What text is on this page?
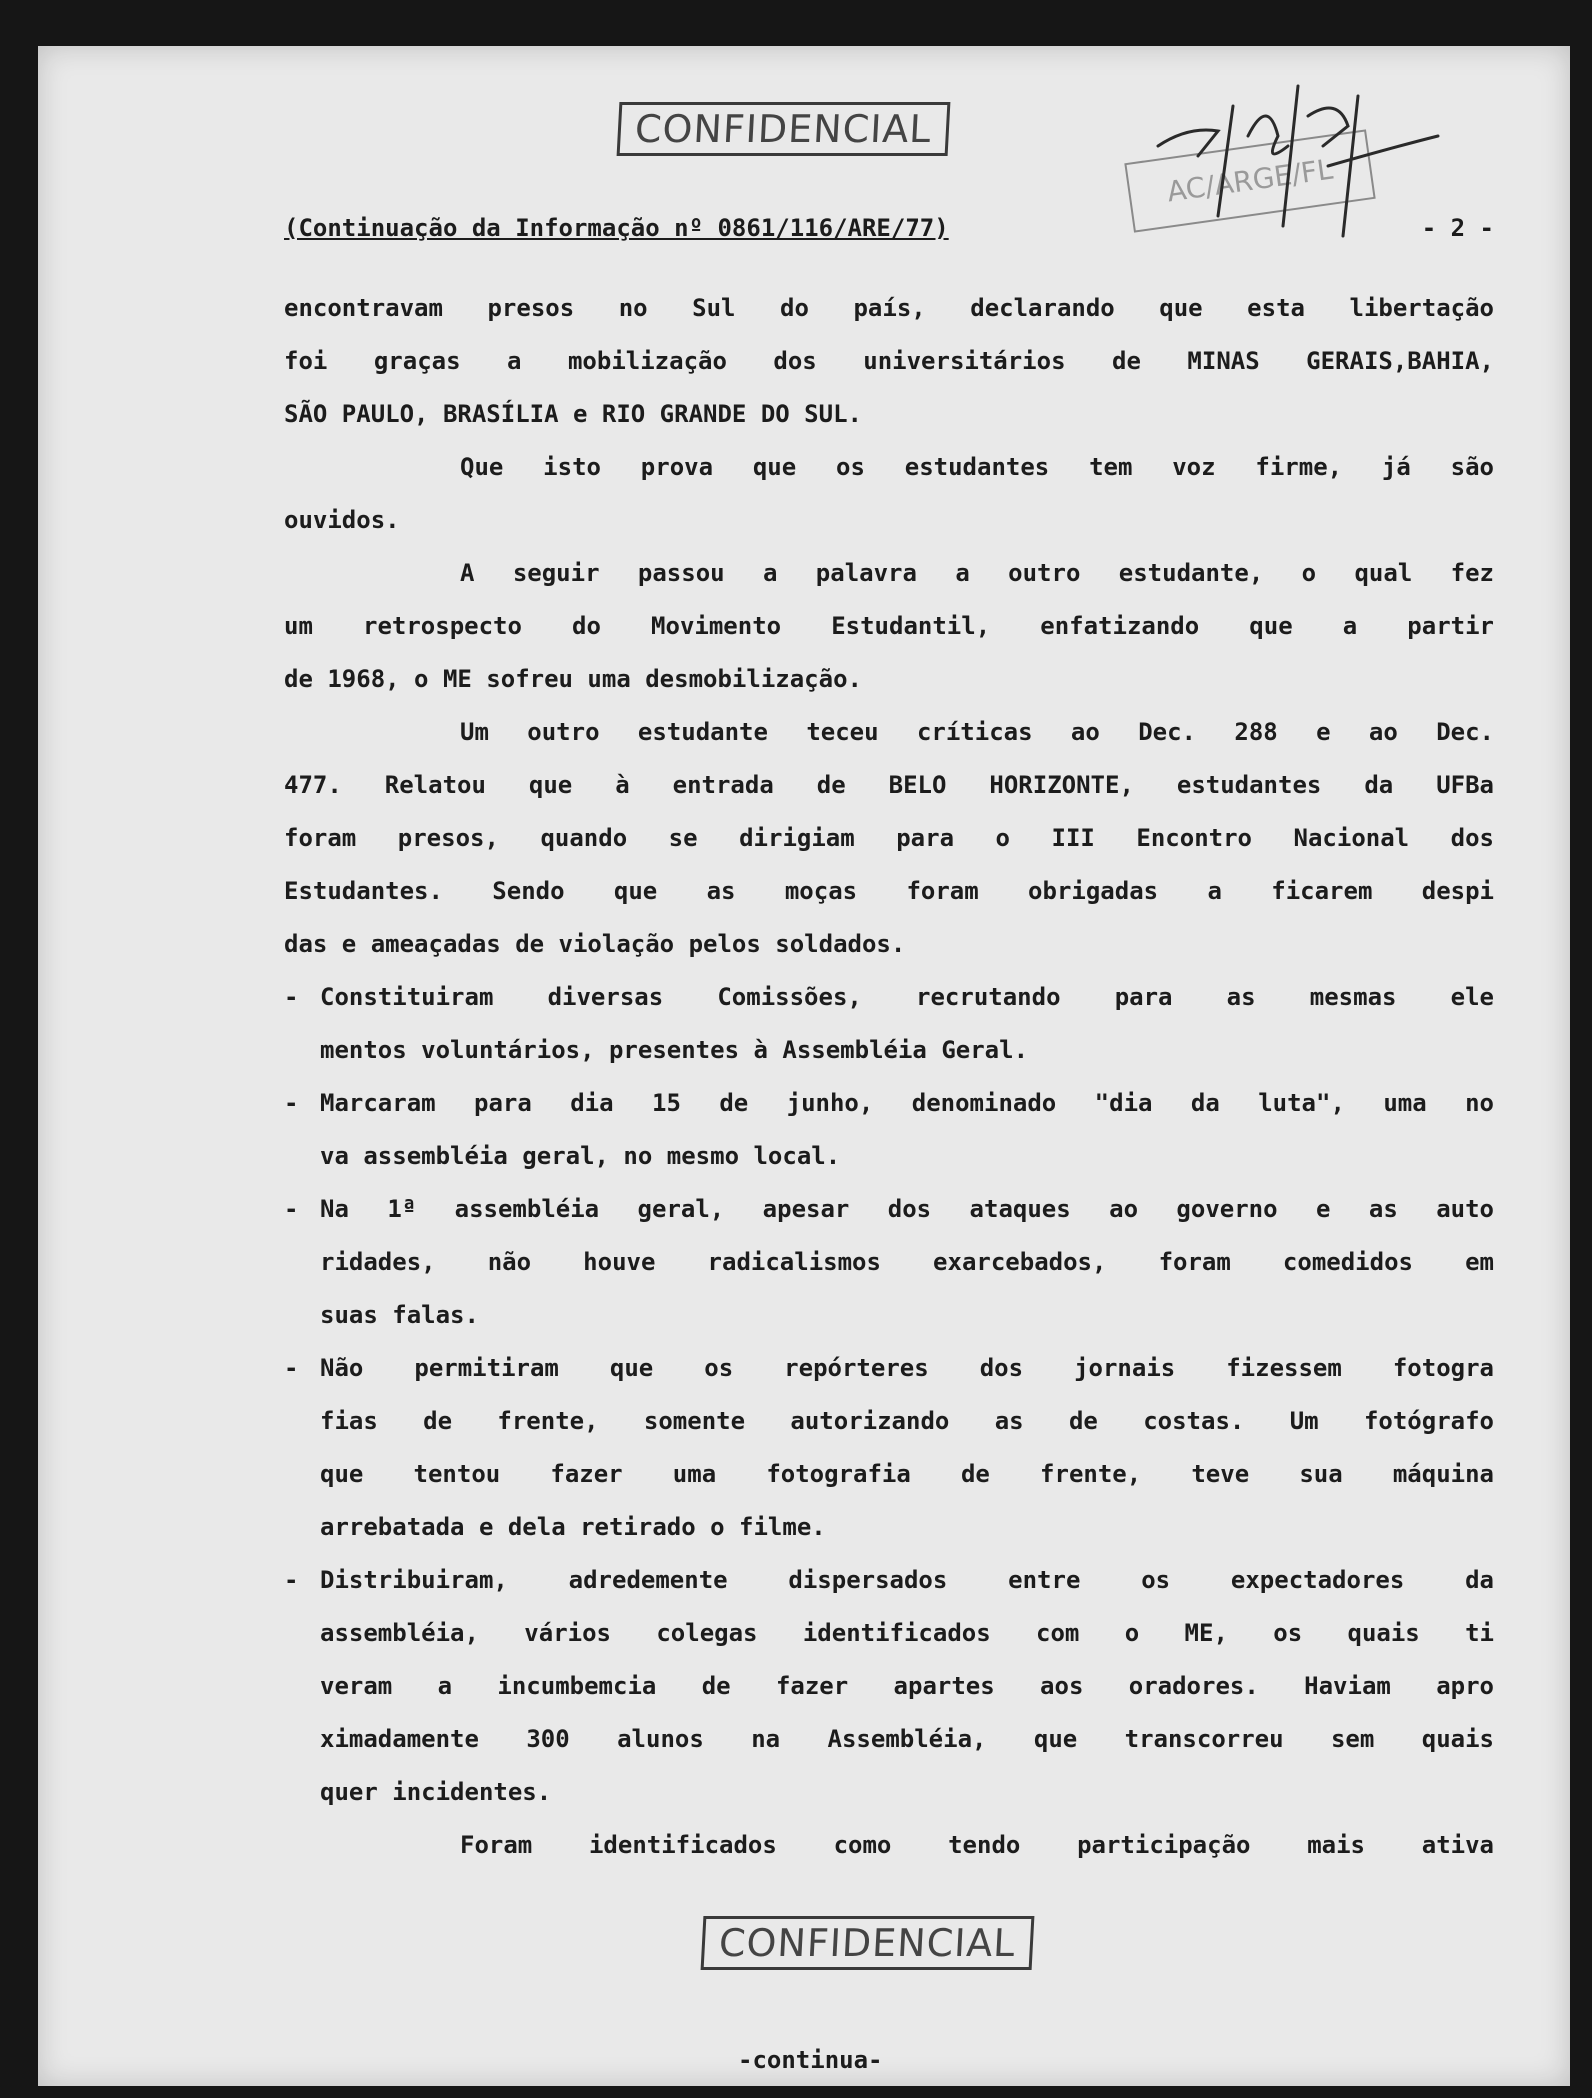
CONFIDENCIAL
AC/ARGE/FL
(Continuação da Informação nº 0861/116/ARE/77)	- 2 -
encontravam presos no Sul do país, declarando que esta libertação
foi graças a mobilização dos universitários de MINAS GERAIS,BAHIA,
SÃO PAULO, BRASÍLIA e RIO GRANDE DO SUL.
Que isto prova que os estudantes tem voz firme, já são
ouvidos.
A seguir passou a palavra a outro estudante, o qual fez
um retrospecto do Movimento Estudantil, enfatizando que a partir
de 1968, o ME sofreu uma desmobilização.
Um outro estudante teceu críticas ao Dec. 288 e ao Dec.
477. Relatou que à entrada de BELO HORIZONTE, estudantes da UFBa
foram presos, quando se dirigiam para o III Encontro Nacional dos
Estudantes. Sendo que as moças foram obrigadas a ficarem despi
das e ameaçadas de violação pelos soldados.
- Constituiram diversas Comissões, recrutando para as mesmas ele
mentos voluntários, presentes à Assembléia Geral.
- Marcaram para dia 15 de junho, denominado "dia da luta", uma no
va assembléia geral, no mesmo local.
- Na 1ª assembléia geral, apesar dos ataques ao governo e as auto
ridades, não houve radicalismos exarcebados, foram comedidos em
suas falas.
- Não permitiram que os repórteres dos jornais fizessem fotogra
fias de frente, somente autorizando as de costas. Um fotógrafo
que tentou fazer uma fotografia de frente, teve sua máquina
arrebatada e dela retirado o filme.
- Distribuiram, adredemente dispersados entre os expectadores da
assembléia, vários colegas identificados com o ME, os quais ti
veram a incumbemcia de fazer apartes aos oradores. Haviam apro
ximadamente 300 alunos na Assembléia, que transcorreu sem quais
quer incidentes.
Foram identificados como tendo participação mais ativa
CONFIDENCIAL
-continua-
